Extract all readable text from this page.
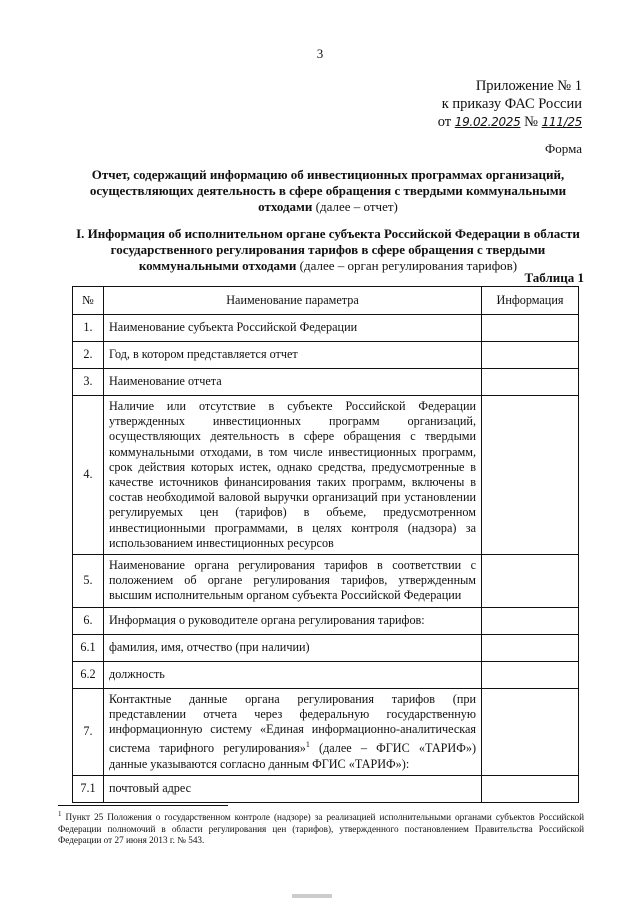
3
Приложение № 1
к приказу ФАС России
от 19.02.2025 № 111/25
Форма
Отчет, содержащий информацию об инвестиционных программах организаций, осуществляющих деятельность в сфере обращения с твердыми коммунальными отходами (далее – отчет)
I. Информация об исполнительном органе субъекта Российской Федерации в области государственного регулирования тарифов в сфере обращения с твердыми коммунальными отходами (далее – орган регулирования тарифов)
Таблица 1
№	Наименование параметра	Информация
1.	Наименование субъекта Российской Федерации	
2.	Год, в котором представляется отчет	
3.	Наименование отчета	
4.	Наличие или отсутствие в субъекте Российской Федерации утвержденных инвестиционных программ организаций, осуществляющих деятельность в сфере обращения с твердыми коммунальными отходами, в том числе инвестиционных программ, срок действия которых истек, однако средства, предусмотренные в качестве источников финансирования таких программ, включены в состав необходимой валовой выручки организаций при установлении регулируемых цен (тарифов) в объеме, предусмотренном инвестиционными программами, в целях контроля (надзора) за использованием инвестиционных ресурсов	
5.	Наименование органа регулирования тарифов в соответствии с положением об органе регулирования тарифов, утвержденным высшим исполнительным органом субъекта Российской Федерации	
6.	Информация о руководителе органа регулирования тарифов:	
6.1	фамилия, имя, отчество (при наличии)	
6.2	должность	
7.	Контактные данные органа регулирования тарифов (при представлении отчета через федеральную государственную информационную систему «Единая информационно-аналитическая система тарифного регулирования»$^1$ (далее – ФГИС «ТАРИФ») данные указываются согласно данным ФГИС «ТАРИФ»):	
7.1	почтовый адрес	
$^1$ Пункт 25 Положения о государственном контроле (надзоре) за реализацией исполнительными органами субъектов Российской Федерации полномочий в области регулирования цен (тарифов), утвержденного постановлением Правительства Российской Федерации от 27 июня 2013 г. № 543.
